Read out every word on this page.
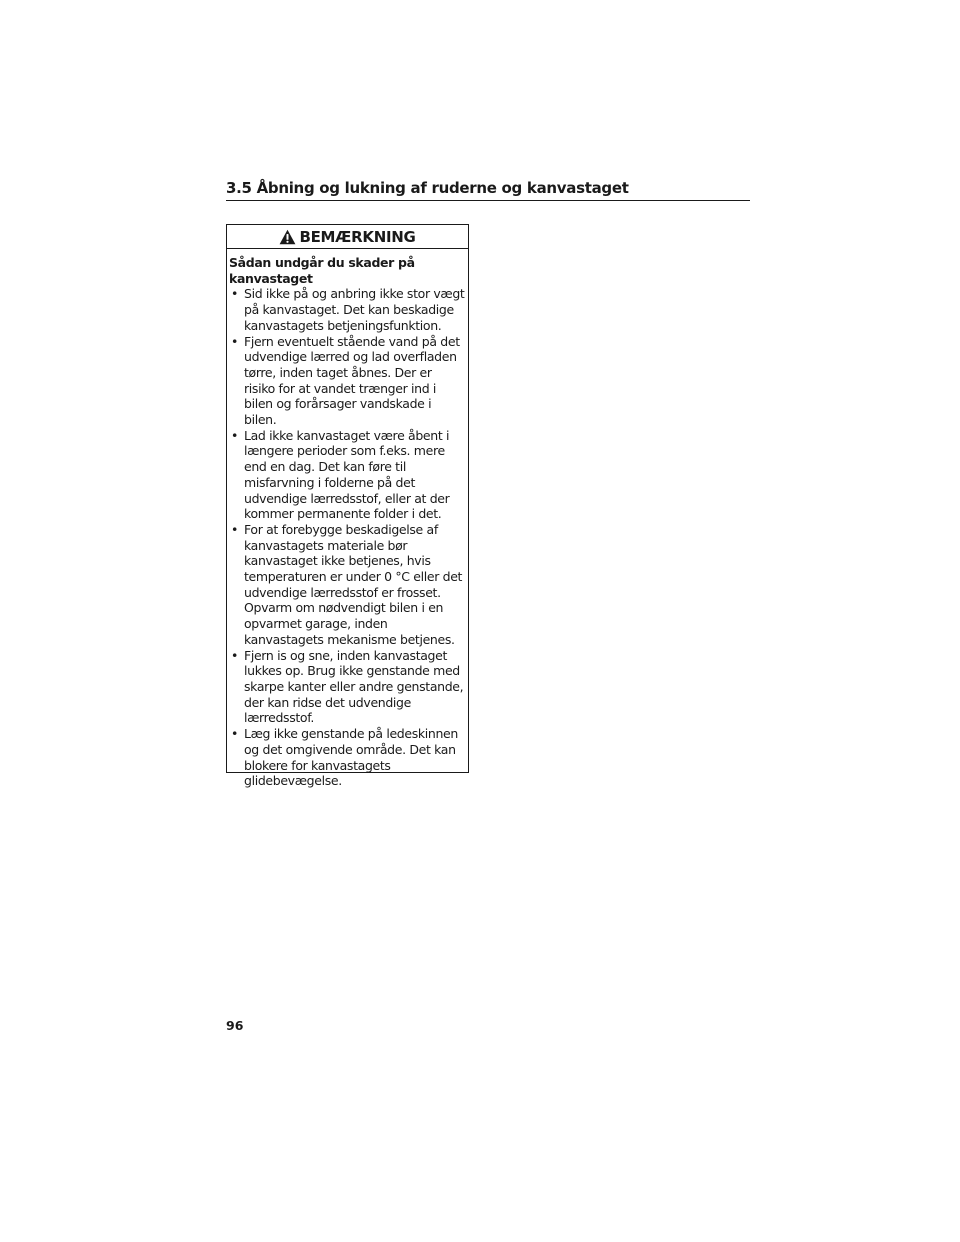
3.5 Åbning og lukning af ruderne og kanvastaget
BEMÆRKNING

Sådan undgår du skader på kanvastaget

• Sid ikke på og anbring ikke stor vægt på kanvastaget. Det kan beskadige kanvastagets betjeningsfunktion.
• Fjern eventuelt stående vand på det udvendige lærred og lad overfladen tørre, inden taget åbnes. Der er risiko for at vandet trænger ind i bilen og forårsager vandskade i bilen.
• Lad ikke kanvastaget være åbent i længere perioder som f.eks. mere end en dag. Det kan føre til misfarvning i folderne på det udvendige lærredsstof, eller at der kommer permanente folder i det.
• For at forebygge beskadigelse af kanvastagets materiale bør kanvastaget ikke betjenes, hvis temperaturen er under 0 °C eller det udvendige lærredsstof er frosset. Opvarm om nødvendigt bilen i en opvarmet garage, inden kanvastagets mekanisme betjenes.
• Fjern is og sne, inden kanvastaget lukkes op. Brug ikke genstande med skarpe kanter eller andre genstande, der kan ridse det udvendige lærredsstof.
• Læg ikke genstande på ledeskinnen og det omgivende område. Det kan blokere for kanvastagets glidebevægelse.
96
